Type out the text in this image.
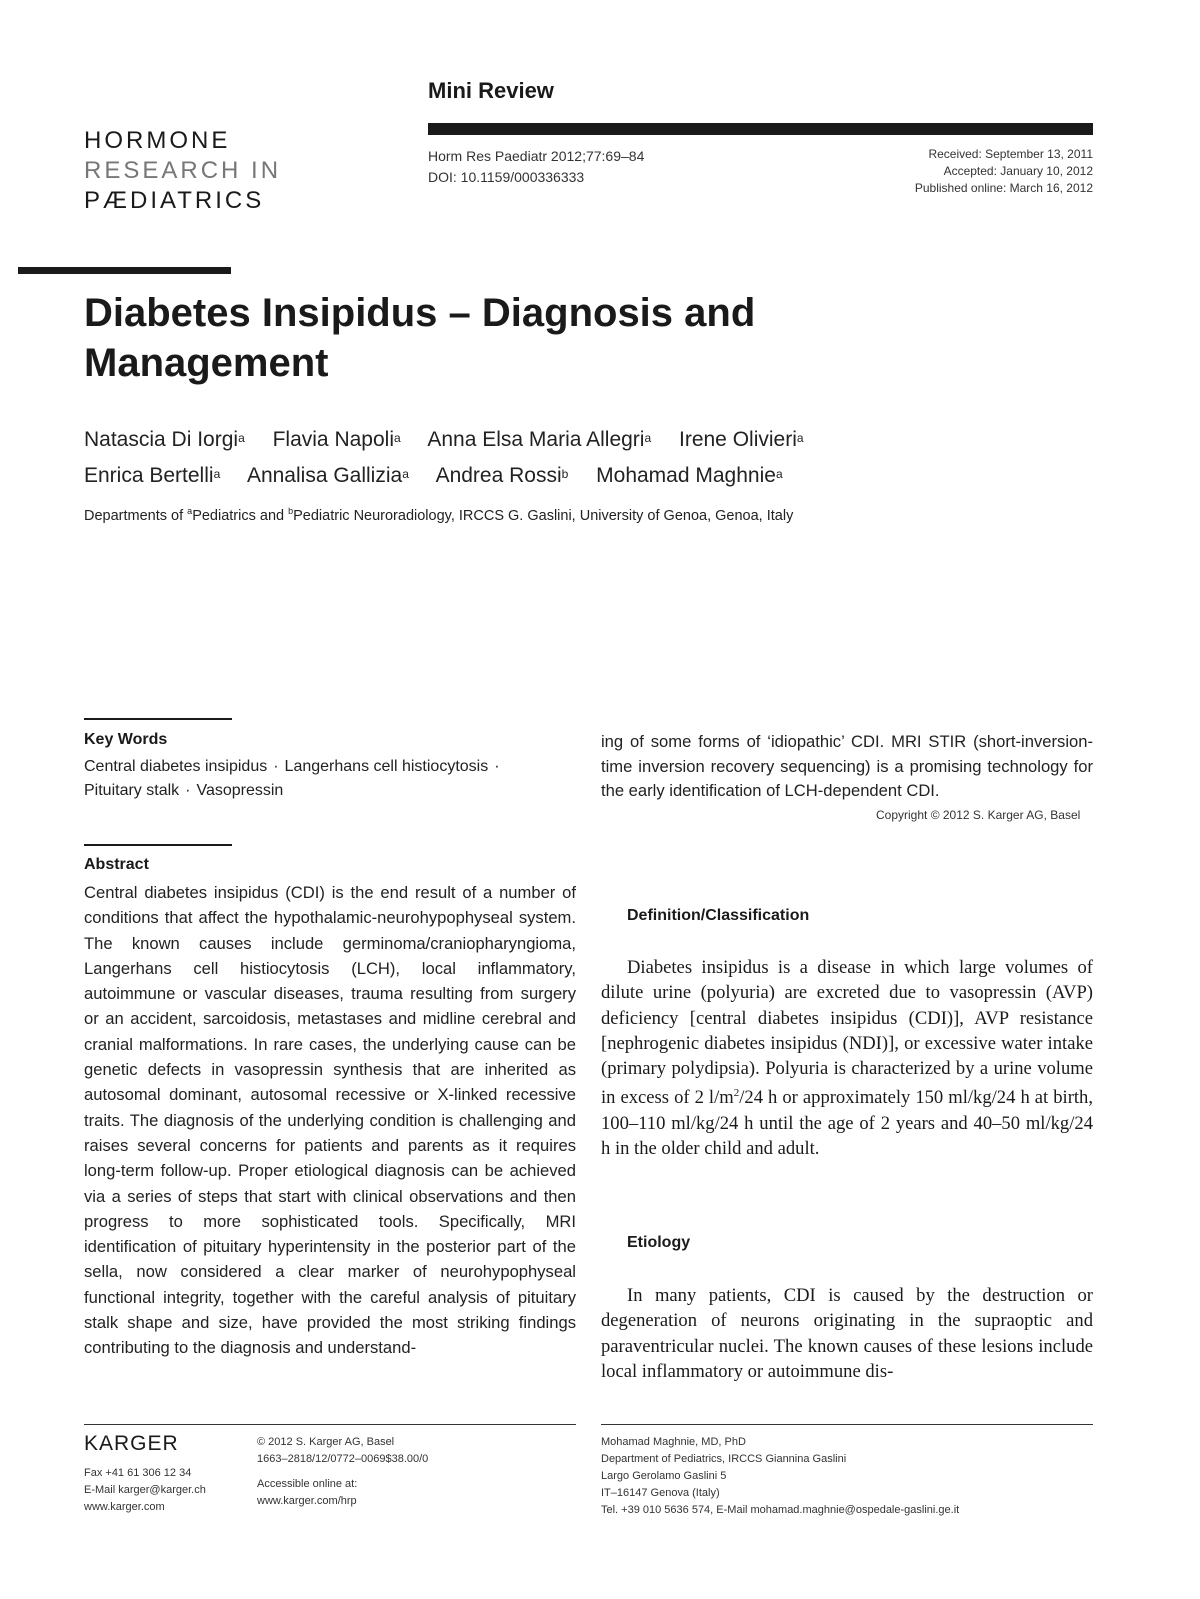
HORMONE
RESEARCH IN
PÆDIATRICS
Mini Review
Horm Res Paediatr 2012;77:69–84
DOI: 10.1159/000336333
Received: September 13, 2011
Accepted: January 10, 2012
Published online: March 16, 2012
Diabetes Insipidus – Diagnosis and
Management
Natascia Di Iorgi$^a$ Flavia Napoli$^a$ Anna Elsa Maria Allegri$^a$ Irene Olivieri$^a$
Enrica Bertelli$^a$ Annalisa Gallizia$^a$ Andrea Rossi$^b$ Mohamad Maghnie$^a$
Departments of $^a$Pediatrics and $^b$Pediatric Neuroradiology, IRCCS G. Gaslini, University of Genoa, Genoa, Italy
Key Words
Central diabetes insipidus · Langerhans cell histiocytosis ·
Pituitary stalk · Vasopressin
Abstract
Central diabetes insipidus (CDI) is the end result of a number of conditions that affect the hypothalamic-neurohypophyseal system. The known causes include germinoma/craniopharyngioma, Langerhans cell histiocytosis (LCH), local inflammatory, autoimmune or vascular diseases, trauma resulting from surgery or an accident, sarcoidosis, metastases and midline cerebral and cranial malformations. In rare cases, the underlying cause can be genetic defects in vasopressin synthesis that are inherited as autosomal dominant, autosomal recessive or X-linked recessive traits. The diagnosis of the underlying condition is challenging and raises several concerns for patients and parents as it requires long-term follow-up. Proper etiological diagnosis can be achieved via a series of steps that start with clinical observations and then progress to more sophisticated tools. Specifically, MRI identification of pituitary hyperintensity in the posterior part of the sella, now considered a clear marker of neurohypophyseal functional integrity, together with the careful analysis of pituitary stalk shape and size, have provided the most striking findings contributing to the diagnosis and understand-
ing of some forms of ‘idiopathic’ CDI. MRI STIR (short-inversion-time inversion recovery sequencing) is a promising technology for the early identification of LCH-dependent CDI.
Copyright © 2012 S. Karger AG, Basel
Definition/Classification
Diabetes insipidus is a disease in which large volumes of dilute urine (polyuria) are excreted due to vasopressin (AVP) deficiency [central diabetes insipidus (CDI)], AVP resistance [nephrogenic diabetes insipidus (NDI)], or excessive water intake (primary polydipsia). Polyuria is characterized by a urine volume in excess of 2 $l/m^2/24$ h or approximately 150 ml/kg/24 h at birth, 100–110 ml/kg/24 h until the age of 2 years and 40–50 ml/kg/24 h in the older child and adult.
Etiology
In many patients, CDI is caused by the destruction or degeneration of neurons originating in the supraoptic and paraventricular nuclei. The known causes of these lesions include local inflammatory or autoimmune dis-
KARGER
Fax +41 61 306 12 34
E-Mail karger@karger.ch
www.karger.com
© 2012 S. Karger AG, Basel
1663–2818/12/0772–0069$38.00/0
Accessible online at:
www.karger.com/hrp
Mohamad Maghnie, MD, PhD
Department of Pediatrics, IRCCS Giannina Gaslini
Largo Gerolamo Gaslini 5
IT–16147 Genova (Italy)
Tel. +39 010 5636 574, E-Mail mohamad.maghnie@ospedale-gaslini.ge.it
